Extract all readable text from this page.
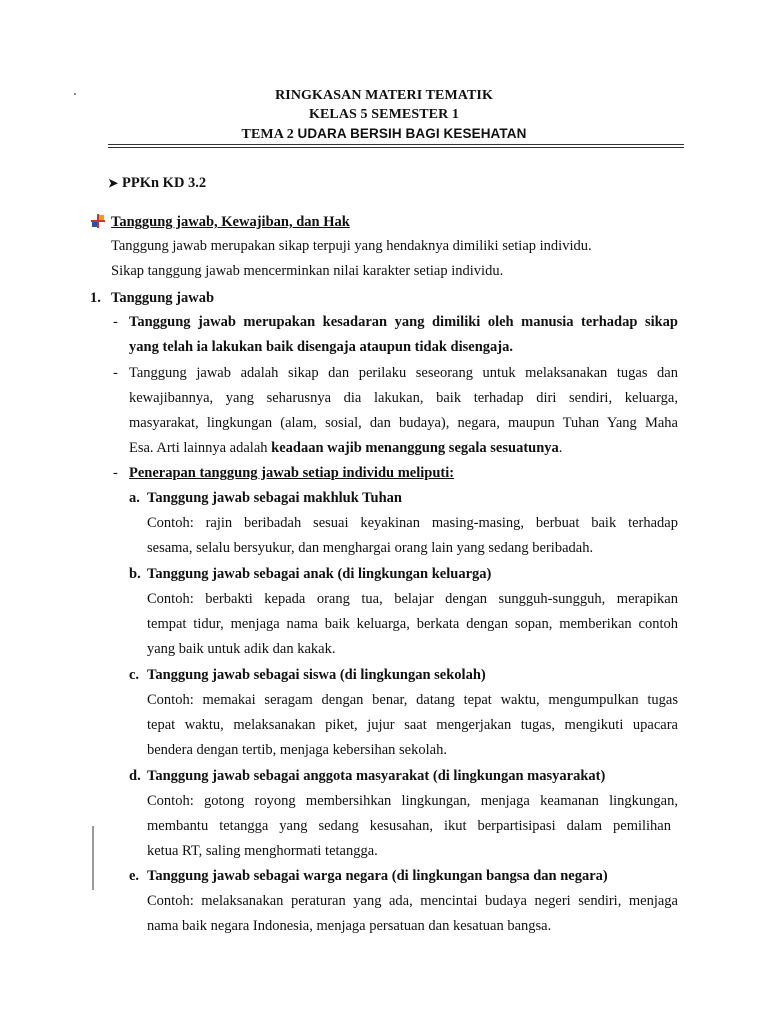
RINGKASAN MATERI TEMATIK
KELAS 5 SEMESTER 1
TEMA 2 UDARA BERSIH BAGI KESEHATAN
➤ PPKn KD 3.2
Tanggung jawab, Kewajiban, dan Hak
Tanggung jawab merupakan sikap terpuji yang hendaknya dimiliki setiap individu.
Sikap tanggung jawab mencerminkan nilai karakter setiap individu.
1. Tanggung jawab
- Tanggung jawab merupakan kesadaran yang dimiliki oleh manusia terhadap sikap
yang telah ia lakukan baik disengaja ataupun tidak disengaja.
- Tanggung jawab adalah sikap dan perilaku seseorang untuk melaksanakan tugas dan
kewajibannya, yang seharusnya dia lakukan, baik terhadap diri sendiri, keluarga,
masyarakat, lingkungan (alam, sosial, dan budaya), negara, maupun Tuhan Yang Maha
Esa. Arti lainnya adalah keadaan wajib menanggung segala sesuatunya.
- Penerapan tanggung jawab setiap individu meliputi:
a. Tanggung jawab sebagai makhluk Tuhan
Contoh: rajin beribadah sesuai keyakinan masing-masing, berbuat baik terhadap
sesama, selalu bersyukur, dan menghargai orang lain yang sedang beribadah.
b. Tanggung jawab sebagai anak (di lingkungan keluarga)
Contoh: berbakti kepada orang tua, belajar dengan sungguh-sungguh, merapikan
tempat tidur, menjaga nama baik keluarga, berkata dengan sopan, memberikan contoh
yang baik untuk adik dan kakak.
c. Tanggung jawab sebagai siswa (di lingkungan sekolah)
Contoh: memakai seragam dengan benar, datang tepat waktu, mengumpulkan tugas
tepat waktu, melaksanakan piket, jujur saat mengerjakan tugas, mengikuti upacara
bendera dengan tertib, menjaga kebersihan sekolah.
d. Tanggung jawab sebagai anggota masyarakat (di lingkungan masyarakat)
Contoh: gotong royong membersihkan lingkungan, menjaga keamanan lingkungan,
membantu tetangga yang sedang kesusahan, ikut berpartisipasi dalam pemilihan
ketua RT, saling menghormati tetangga.
e. Tanggung jawab sebagai warga negara (di lingkungan bangsa dan negara)
Contoh: melaksanakan peraturan yang ada, mencintai budaya negeri sendiri, menjaga
nama baik negara Indonesia, menjaga persatuan dan kesatuan bangsa.
